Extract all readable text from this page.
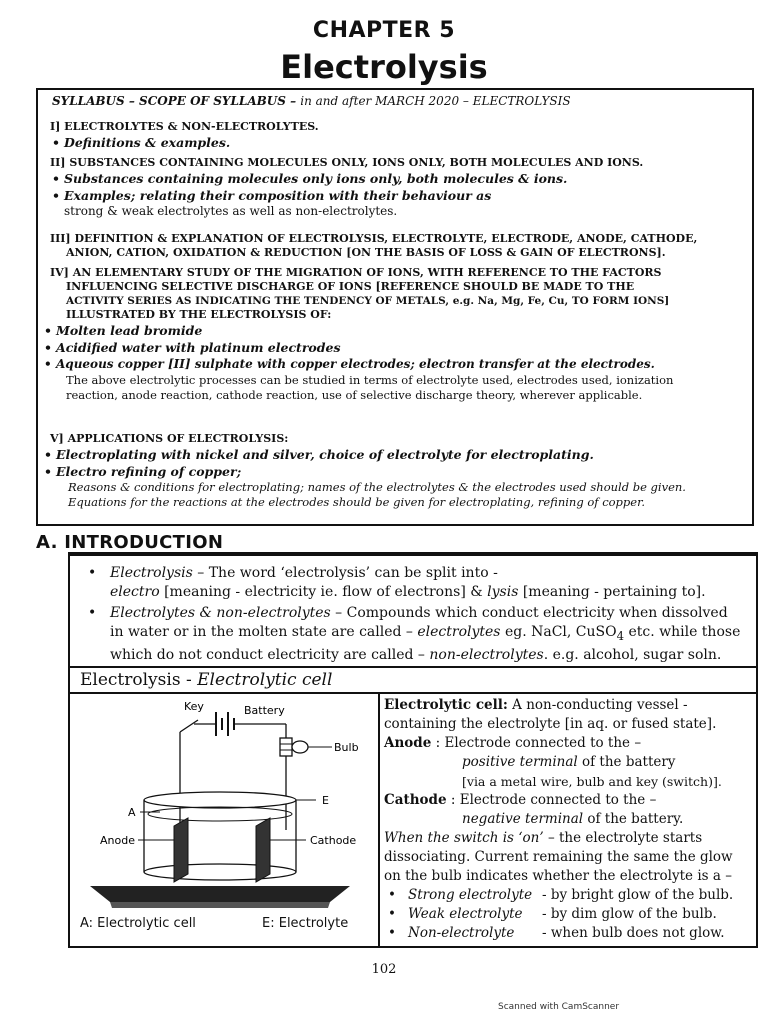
CHAPTER 5
Electrolysis
SYLLABUS – SCOPE OF SYLLABUS – in and after MARCH 2020 – ELECTROLYSIS
I] ELECTROLYTES & NON-ELECTROLYTES.
• Definitions & examples.
II] SUBSTANCES CONTAINING MOLECULES ONLY, IONS ONLY, BOTH MOLECULES AND IONS.
• Substances containing molecules only ions only, both molecules & ions.
• Examples; relating their composition with their behaviour as
strong & weak electrolytes as well as non-electrolytes.
III] DEFINITION & EXPLANATION OF ELECTROLYSIS, ELECTROLYTE, ELECTRODE, ANODE, CATHODE,
ANION, CATION, OXIDATION & REDUCTION [ON THE BASIS OF LOSS & GAIN OF ELECTRONS].
IV] AN ELEMENTARY STUDY OF THE MIGRATION OF IONS, WITH REFERENCE TO THE FACTORS
INFLUENCING SELECTIVE DISCHARGE OF IONS [REFERENCE SHOULD BE MADE TO THE
ACTIVITY SERIES AS INDICATING THE TENDENCY OF METALS, e.g. Na, Mg, Fe, Cu, TO FORM IONS]
ILLUSTRATED BY THE ELECTROLYSIS OF:
• Molten lead bromide
• Acidified water with platinum electrodes
• Aqueous copper [II] sulphate with copper electrodes; electron transfer at the electrodes.
The above electrolytic processes can be studied in terms of electrolyte used, electrodes used, ionization
reaction, anode reaction, cathode reaction, use of selective discharge theory, wherever applicable.
V] APPLICATIONS OF ELECTROLYSIS:
• Electroplating with nickel and silver, choice of electrolyte for electroplating.
• Electro refining of copper;
Reasons & conditions for electroplating; names of the electrolytes & the electrodes used should be given.
Equations for the reactions at the electrodes should be given for electroplating, refining of copper.
A. INTRODUCTION
• Electrolysis – The word ‘electrolysis’ can be split into -
electro [meaning - electricity ie. flow of electrons] & lysis [meaning - pertaining to].
• Electrolytes & non-electrolytes – Compounds which conduct electricity when dissolved
in water or in the molten state are called – electrolytes eg. NaCl, CuSO$_4$ etc. while those
which do not conduct electricity are called – non-electrolytes. e.g. alcohol, sugar soln.
Electrolysis - Electrolytic cell
Key	Battery
Bulb
A
E
Anode	Cathode
A: Electrolytic cell	E: Electrolyte
Electrolytic cell: A non-conducting vessel -
containing the electrolyte [in aq. or fused state].
Anode : Electrode connected to the –
positive terminal of the battery
[via a metal wire, bulb and key (switch)].
Cathode : Electrode connected to the –
negative terminal of the battery.
When the switch is ‘on’ – the electrolyte starts
dissociating. Current remaining the same the glow
on the bulb indicates whether the electrolyte is a –
• Strong electrolyte - by bright glow of the bulb.
• Weak electrolyte - by dim glow of the bulb.
• Non-electrolyte - when bulb does not glow.
102
Scanned with CamScanner
